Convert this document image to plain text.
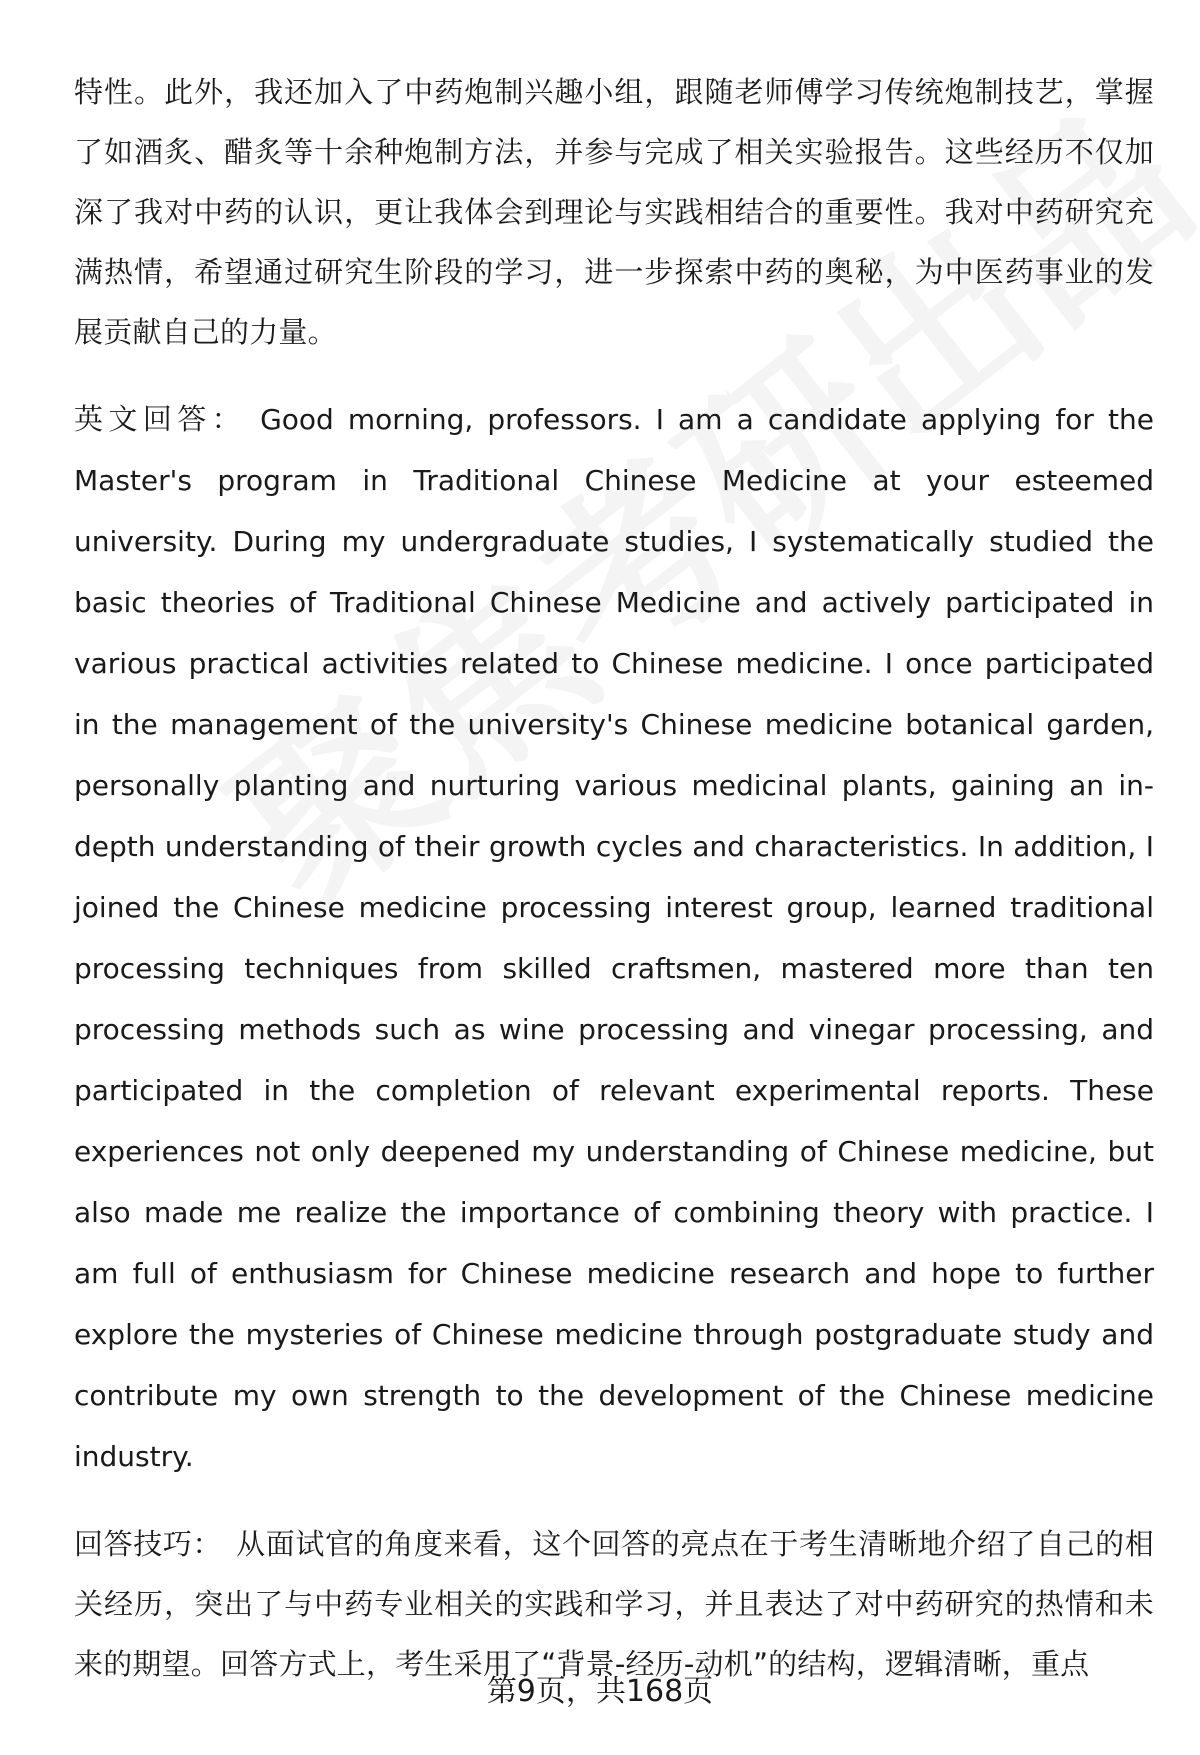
特性。此外，我还加入了中药炮制兴趣小组，跟随老师傅学习传统炮制技艺，掌握了如酒炙、醋炙等十余种炮制方法，并参与完成了相关实验报告。这些经历不仅加深了我对中药的认识，更让我体会到理论与实践相结合的重要性。我对中药研究充满热情，希望通过研究生阶段的学习，进一步探索中药的奥秘，为中医药事业的发展贡献自己的力量。

英文回答： Good morning, professors. I am a candidate applying for the Master's program in Traditional Chinese Medicine at your esteemed university. During my undergraduate studies, I systematically studied the basic theories of Traditional Chinese Medicine and actively participated in various practical activities related to Chinese medicine. I once participated in the management of the university's Chinese medicine botanical garden, personally planting and nurturing various medicinal plants, gaining an in-depth understanding of their growth cycles and characteristics. In addition, I joined the Chinese medicine processing interest group, learned traditional processing techniques from skilled craftsmen, mastered more than ten processing methods such as wine processing and vinegar processing, and participated in the completion of relevant experimental reports. These experiences not only deepened my understanding of Chinese medicine, but also made me realize the importance of combining theory with practice. I am full of enthusiasm for Chinese medicine research and hope to further explore the mysteries of Chinese medicine through postgraduate study and contribute my own strength to the development of the Chinese medicine industry.

回答技巧： 从面试官的角度来看，这个回答的亮点在于考生清晰地介绍了自己的相关经历，突出了与中药专业相关的实践和学习，并且表达了对中药研究的热情和未来的期望。回答方式上，考生采用了“背景-经历-动机”的结构，逻辑清晰，重点

第9页，共168页
